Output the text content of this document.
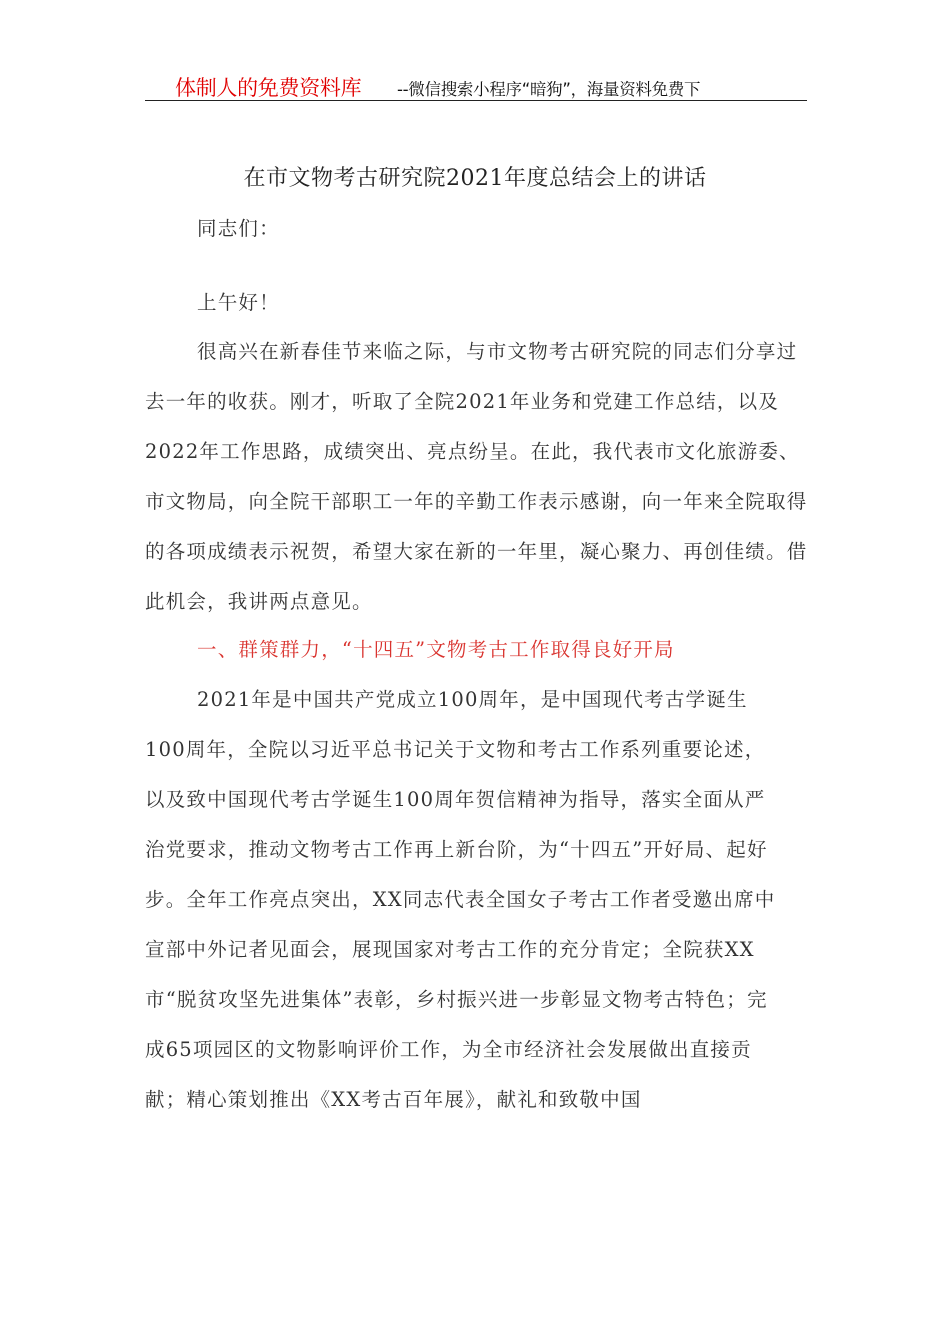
体制人的免费资料库 --微信搜索小程序“暗狗”，海量资料免费下
在市文物考古研究院2021年度总结会上的讲话

同志们：

上午好！

很高兴在新春佳节来临之际，与市文物考古研究院的同志们分享过去一年的收获。刚才，听取了全院2021年业务和党建工作总结，以及2022年工作思路，成绩突出、亮点纷呈。在此，我代表市文化旅游委、市文物局，向全院干部职工一年的辛勤工作表示感谢，向一年来全院取得的各项成绩表示祝贺，希望大家在新的一年里，凝心聚力、再创佳绩。借此机会，我讲两点意见。

一、群策群力，“十四五”文物考古工作取得良好开局

2021年是中国共产党成立100周年，是中国现代考古学诞生100周年，全院以习近平总书记关于文物和考古工作系列重要论述，以及致中国现代考古学诞生100周年贺信精神为指导，落实全面从严治党要求，推动文物考古工作再上新台阶，为“十四五”开好局、起好步。全年工作亮点突出，XX同志代表全国女子考古工作者受邀出席中宣部中外记者见面会，展现国家对考古工作的充分肯定；全院获XX市“脱贫攻坚先进集体”表彰，乡村振兴进一步彰显文物考古特色；完成65项园区的文物影响评价工作，为全市经济社会发展做出直接贡献；精心策划推出《XX考古百年展》，献礼和致敬中国
